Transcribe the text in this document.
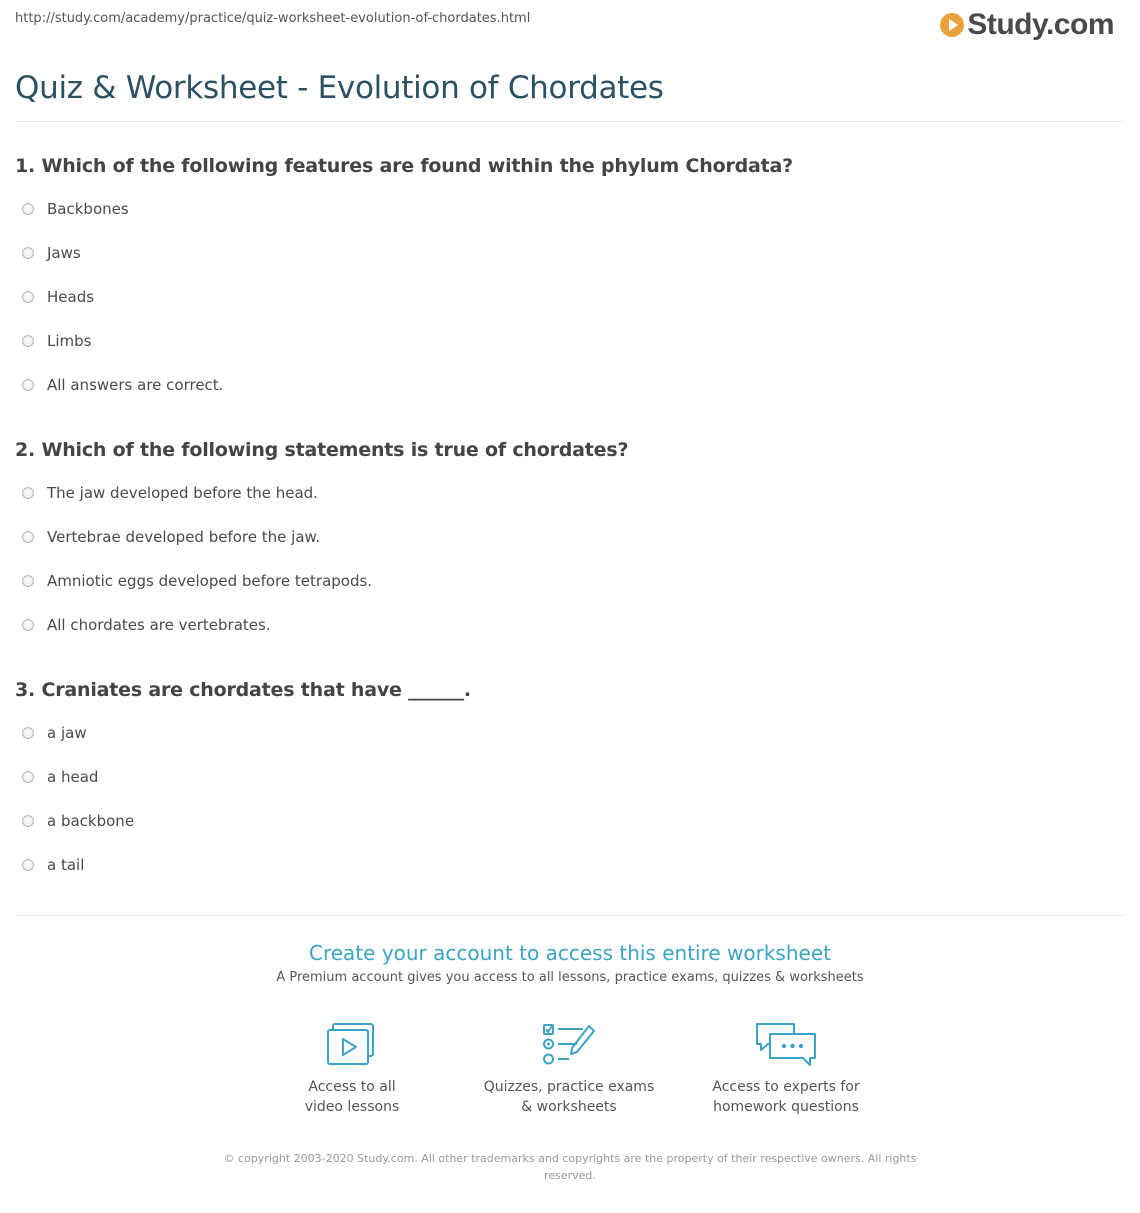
http://study.com/academy/practice/quiz-worksheet-evolution-of-chordates.html	Study.com
Quiz & Worksheet - Evolution of Chordates
1. Which of the following features are found within the phylum Chordata?
Backbones
Jaws
Heads
Limbs
All answers are correct.
2. Which of the following statements is true of chordates?
The jaw developed before the head.
Vertebrae developed before the jaw.
Amniotic eggs developed before tetrapods.
All chordates are vertebrates.
3. Craniates are chordates that have ______.
a jaw
a head
a backbone
a tail
Create your account to access this entire worksheet
A Premium account gives you access to all lessons, practice exams, quizzes & worksheets
Access to all
video lessons
Quizzes, practice exams
& worksheets
Access to experts for
homework questions
© copyright 2003-2020 Study.com. All other trademarks and copyrights are the property of their respective owners. All rights
reserved.
